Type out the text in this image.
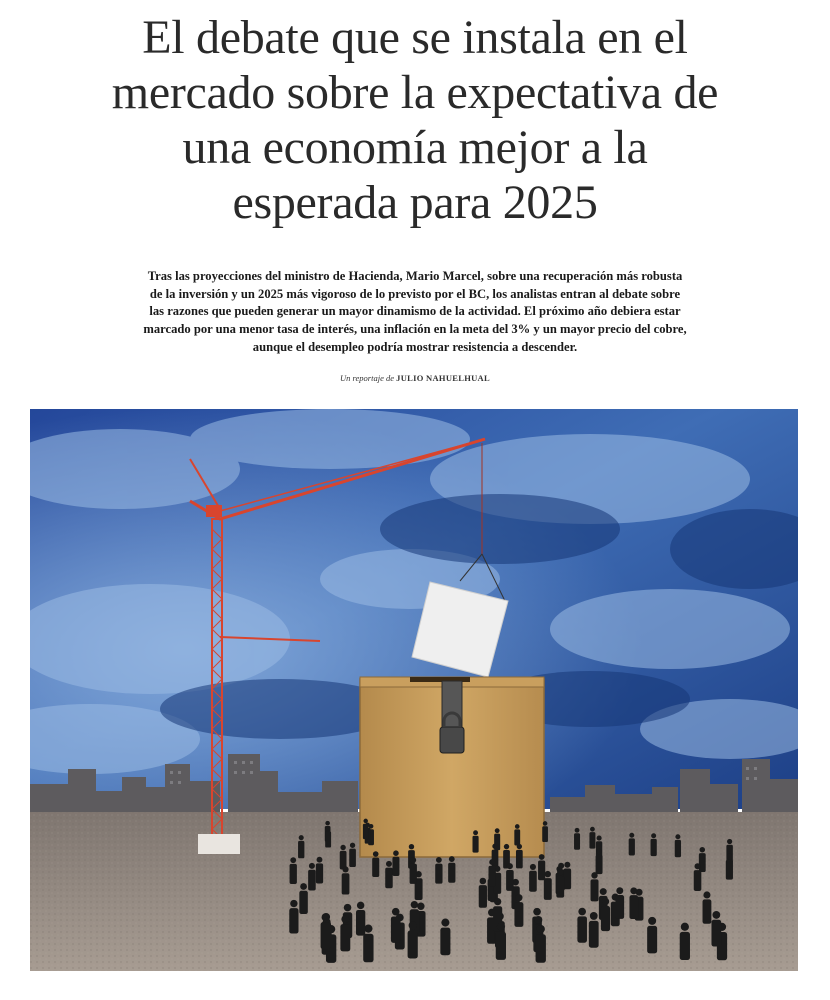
El debate que se instala en el
mercado sobre la expectativa de
una economía mejor a la
esperada para 2025

Tras las proyecciones del ministro de Hacienda, Mario Marcel, sobre una recuperación más robusta
de la inversión y un 2025 más vigoroso de lo previsto por el BC, los analistas entran al debate sobre
las razones que pueden generar un mayor dinamismo de la actividad. El próximo año debiera estar
marcado por una menor tasa de interés, una inflación en la meta del 3% y un mayor precio del cobre,
aunque el desempleo podría mostrar resistencia a descender.

Un reportaje de JULIO NAHUELHUAL
